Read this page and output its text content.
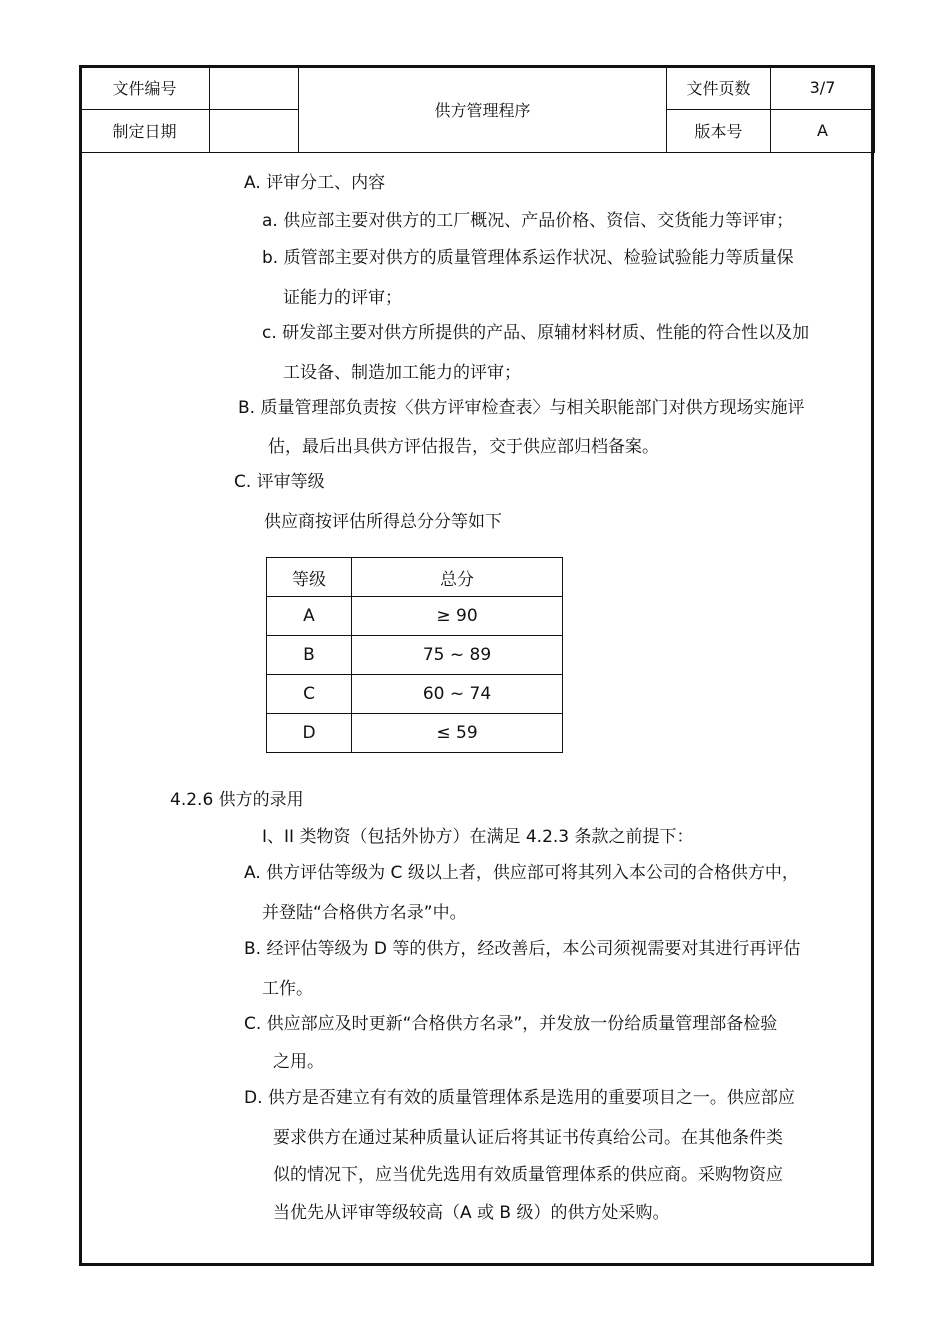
文件编号		供方管理程序	文件页数	3/7
制定日期			版本号	A
A. 评审分工、内容
a. 供应部主要对供方的工厂概况、产品价格、资信、交货能力等评审；
b. 质管部主要对供方的质量管理体系运作状况、检验试验能力等质量保
证能力的评审；
c. 研发部主要对供方所提供的产品、原辅材料材质、性能的符合性以及加
工设备、制造加工能力的评审；
B. 质量管理部负责按〈供方评审检查表〉与相关职能部门对供方现场实施评
估，最后出具供方评估报告，交于供应部归档备案。
C. 评审等级
供应商按评估所得总分分等如下
等级	总分
A	≥ 90
B	75 ~ 89
C	60 ~ 74
D	≤ 59
4.2.6 供方的录用
I、II 类物资（包括外协方）在满足 4.2.3 条款之前提下：
A. 供方评估等级为 C 级以上者，供应部可将其列入本公司的合格供方中，
并登陆“合格供方名录”中。
B. 经评估等级为 D 等的供方，经改善后，本公司须视需要对其进行再评估
工作。
C. 供应部应及时更新“合格供方名录”，并发放一份给质量管理部备检验
之用。
D. 供方是否建立有有效的质量管理体系是选用的重要项目之一。供应部应
要求供方在通过某种质量认证后将其证书传真给公司。在其他条件类
似的情况下，应当优先选用有效质量管理体系的供应商。采购物资应
当优先从评审等级较高（A 或 B 级）的供方处采购。
